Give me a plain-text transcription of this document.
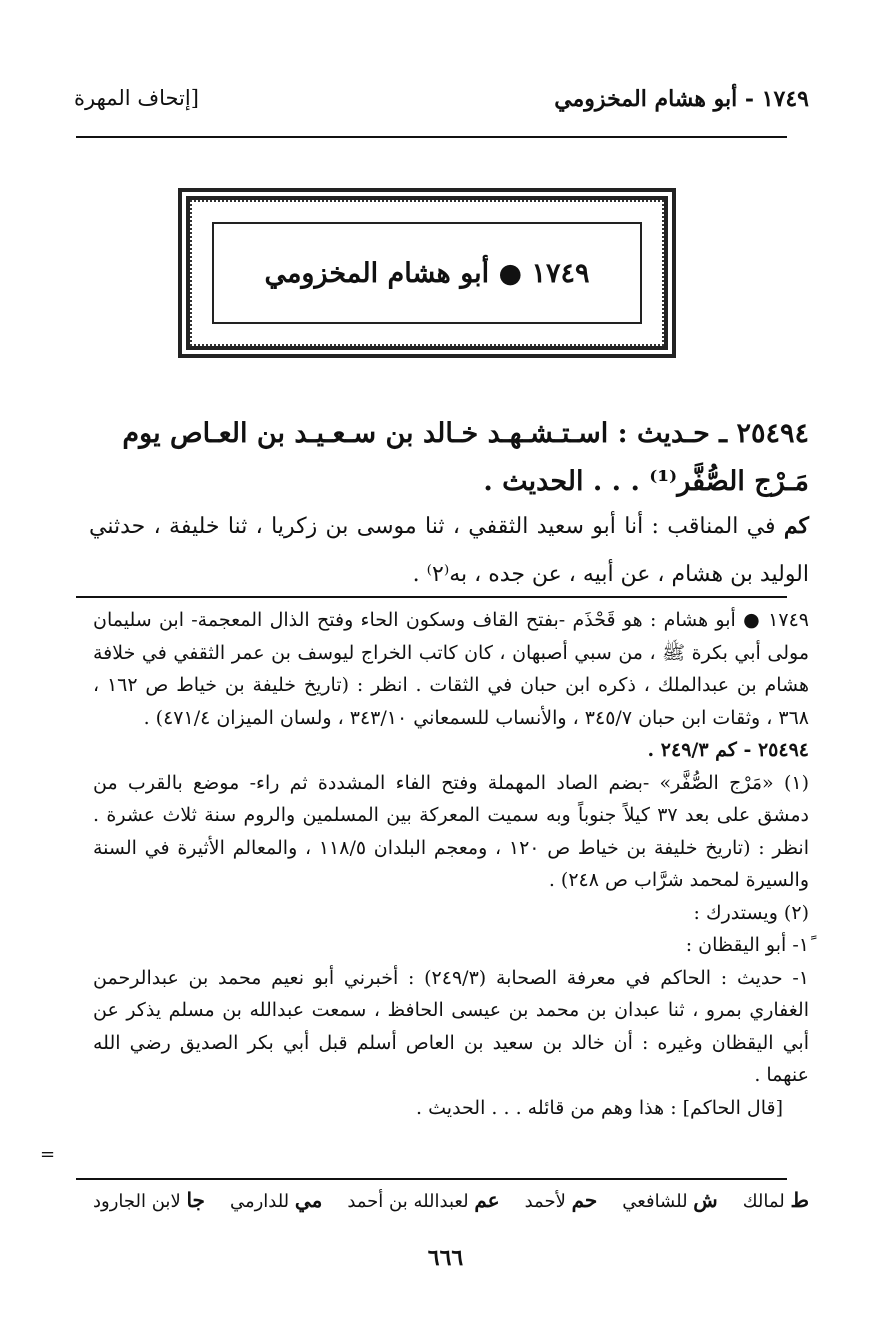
١٧٤٩ - أبو هشام المخزومي
[إتحاف المهرة
١٧٤٩ ● أبو هشام المخزومي
٢٥٤٩٤ ـ حـديث : اسـتـشـهـد خـالد بن سـعـيـد بن العـاص يوم مَـرْج الصُّفَّر⁽¹⁾ . . . الحديث .
كم في المناقب : أنا أبو سعيد الثقفي ، ثنا موسى بن زكريا ، ثنا خليفة ، حدثني الوليد بن هشام ، عن أبيه ، عن جده ، به⁽٢⁾ .

١٧٤٩ ● أبو هشام : هو قَحْذَم -بفتح القاف وسكون الحاء وفتح الذال المعجمة- ابن سليمان مولى أبي بكرة ﷺ ، من سبي أصبهان ، كان كاتب الخراج ليوسف بن عمر الثقفي في خلافة هشام بن عبدالملك ، ذكره ابن حبان في الثقات . انظر : (تاريخ خليفة بن خياط ص ١٦٢ ، ٣٦٨ ، وثقات ابن حبان ٣٤٥/٧ ، والأنساب للسمعاني ٣٤٣/١٠ ، ولسان الميزان ٤٧١/٤) .

٢٥٤٩٤ - كم ٢٤٩/٣ .

(١) «مَرْج الصُّفَّر» -بضم الصاد المهملة وفتح الفاء المشددة ثم راء- موضع بالقرب من دمشق على بعد ٣٧ كيلاً جنوباً وبه سميت المعركة بين المسلمين والروم سنة ثلاث عشرة . انظر : (تاريخ خليفة بن خياط ص ١٢٠ ، ومعجم البلدان ١١٨/٥ ، والمعالم الأثيرة في السنة والسيرة لمحمد شرَّاب ص ٢٤٨) .

(٢) ويستدرك :

١ً- أبو اليقظان :

١- حديث : الحاكم في معرفة الصحابة (٢٤٩/٣) : أخبرني أبو نعيم محمد بن عبدالرحمن الغفاري بمرو ، ثنا عبدان بن محمد بن عيسى الحافظ ، سمعت عبدالله بن مسلم يذكر عن أبي اليقظان وغيره : أن خالد بن سعيد بن العاص أسلم قبل أبي بكر الصديق رضي الله عنهما .

[قال الحاكم] : هذا وهم من قائله . . . الحديث .

=
ط لمالك
ش للشافعي
حم لأحمد
عم لعبدالله بن أحمد
مي للدارمي
جا لابن الجارود
٦٦٦
